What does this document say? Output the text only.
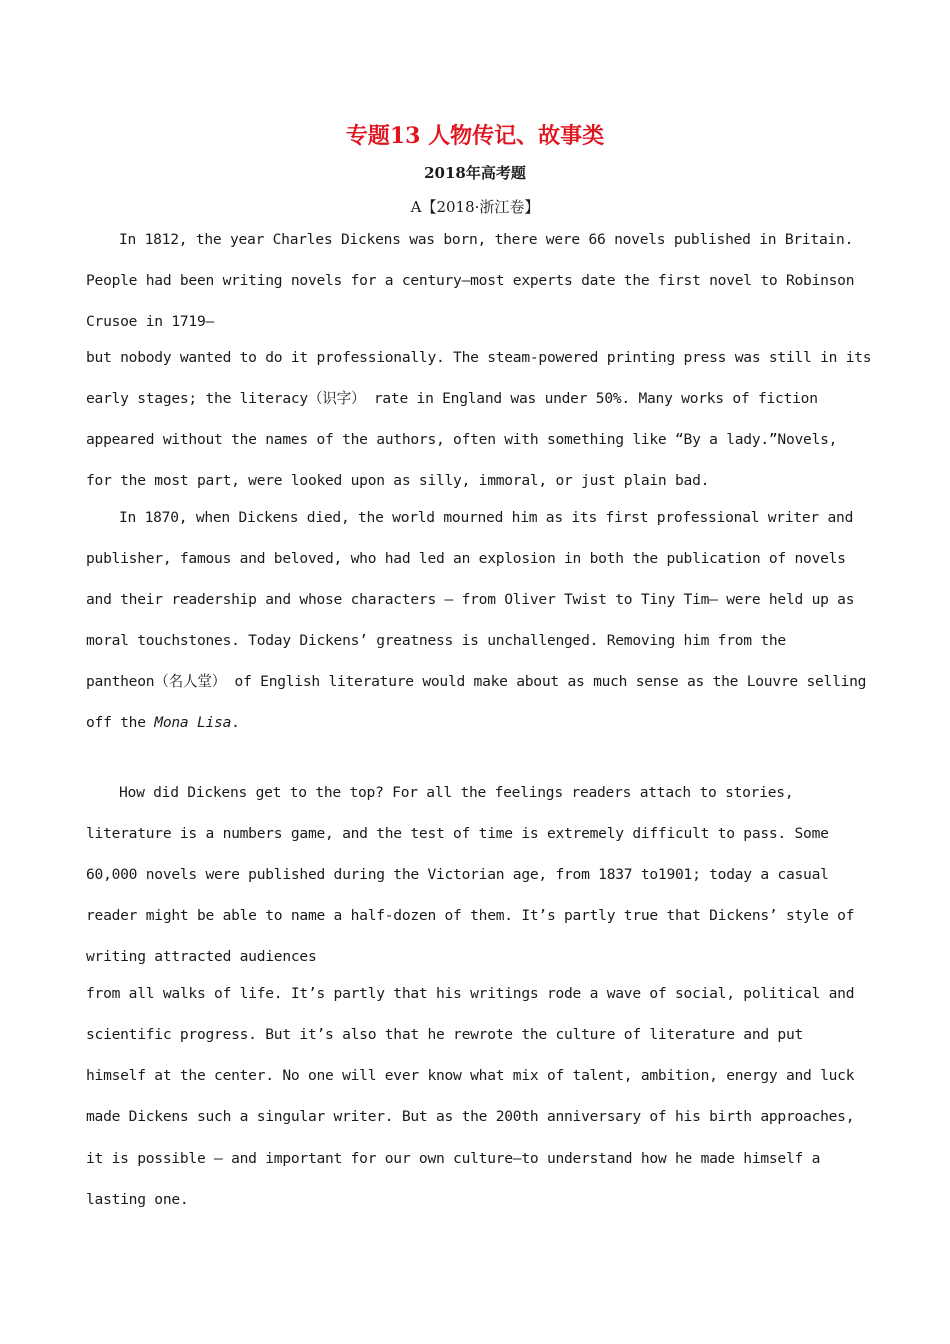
专题13 人物传记、故事类
2018年高考题
A【2018·浙江卷】
In 1812, the year Charles Dickens was born, there were 66 novels published in Britain.
People had been writing novels for a century—most experts date the first novel to Robinson
Crusoe in 1719—
but nobody wanted to do it professionally. The steam-powered printing press was still in its
early stages; the literacy（识字） rate in England was under 50%. Many works of fiction
appeared without the names of the authors, often with something like “By a lady.”Novels,
for the most part, were looked upon as silly, immoral, or just plain bad.
In 1870, when Dickens died, the world mourned him as its first professional writer and
publisher, famous and beloved, who had led an explosion in both the publication of novels
and their readership and whose characters — from Oliver Twist to Tiny Tim— were held up as
moral touchstones. Today Dickens’ greatness is unchallenged. Removing him from the
pantheon（名人堂） of English literature would make about as much sense as the Louvre selling
off the Mona Lisa.
How did Dickens get to the top? For all the feelings readers attach to stories,
literature is a numbers game, and the test of time is extremely difficult to pass. Some
60,000 novels were published during the Victorian age, from 1837 to1901; today a casual
reader might be able to name a half-dozen of them. It’s partly true that Dickens’ style of
writing attracted audiences
from all walks of life. It’s partly that his writings rode a wave of social, political and
scientific progress. But it’s also that he rewrote the culture of literature and put
himself at the center. No one will ever know what mix of talent, ambition, energy and luck
made Dickens such a singular writer. But as the 200th anniversary of his birth approaches,
it is possible — and important for our own culture—to understand how he made himself a
lasting one.
